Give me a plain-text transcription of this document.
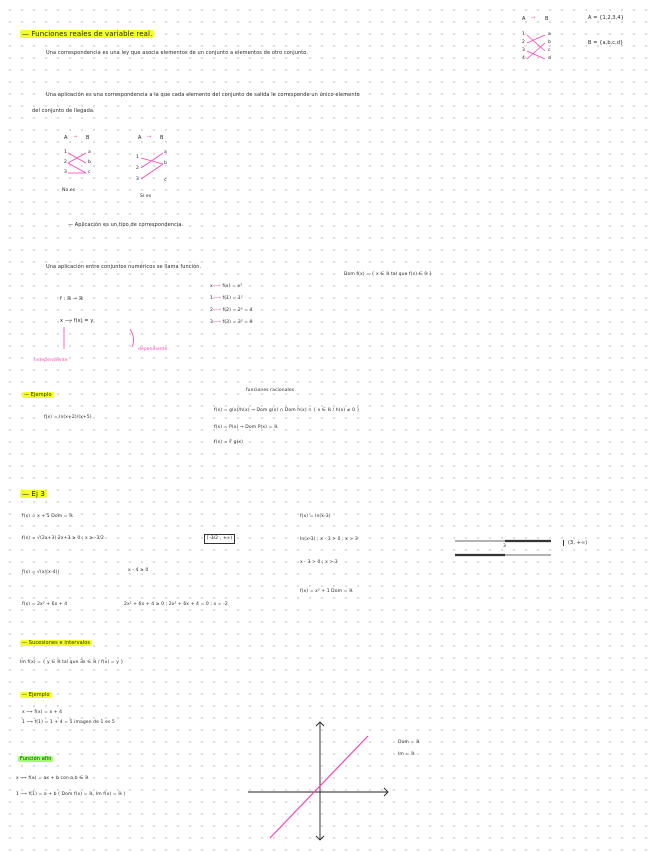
— Funciones reales de variable real.
Una correspondencia es una ley que asocia elementos de un conjunto a elementos de otro conjunto.
A	B
→	A = {1,2,3,4}
B = {a,b,c,d}
1
2
3
4
a
b
c
d
Una aplicación es una correspondencia a la que cada elemento del conjunto de salida le corresponde un único elemento
del conjunto de llegada.
A	B
→
1
2
3
a
b
c
No es
A	B
→
1
2
3
a
b
c
Sí es
— Aplicación es un tipo de correspondencia.
Una aplicación entre conjuntos numéricos se llama función.
Dom f(x) = { x ∈ ℝ tal que f(x) ∈ ℝ }
f : ℝ → ℝ
x ⟶ f(x) = y
independiente
dependiente
x ⟶ f(x) = x²
1 ⟶ f(1) = 1²
2 ⟶ f(2) = 2² = 4
3 ⟶ f(3) = 3² = 9
funciones racionales
f(x) = g(x)/h(x) → Dom g(x) ∩ Dom h(x) ∩ { x ∈ ℝ / h(x) ≠ 0 }
f(x) = P(x) → Dom P(x) = ℝ
f(x) = ∜ g(x)
— Ejemplo
f(x) = ln(x+2)/(x+5)
— Ej 3
f(x) = x + 5 Dom = ℝ
f(x) = √(2x+3) 2x+3 ≥ 0 ; x ≥ -3/2	[-3/2 , +∞)
f(x) = √(x/(x-4))	x - 4 ≥ 0
f(x) = 2x² + 6x + 4	2x² + 6x + 4 ≥ 0 ; 2x² + 6x + 4 = 0 ; x = -2
f(x) = ln(x-3)
ln(x-3) ; x - 3 > 0 ; x > 3
x - 3 > 0 ; x > 3
f(x) = x² + 1 Dom = ℝ
3
(3, +∞)
— Sucesiones e intervalos
Im f(x) = { y ∈ ℝ tal que ∃x ∈ ℝ / f(x) = y }
— Ejemplo
x ⟶ f(x) = x + 4
1 ⟶ f(1) = 1 + 4 = 5 imagen de 1 es 5
Función afín
x ⟶ f(x) = ax + b con a,b ∈ ℝ
1 ⟶ f(1) = a + b ( Dom f(x) = ℝ, Im f(x) = ℝ )
Dom = ℝ
Im = ℝ
